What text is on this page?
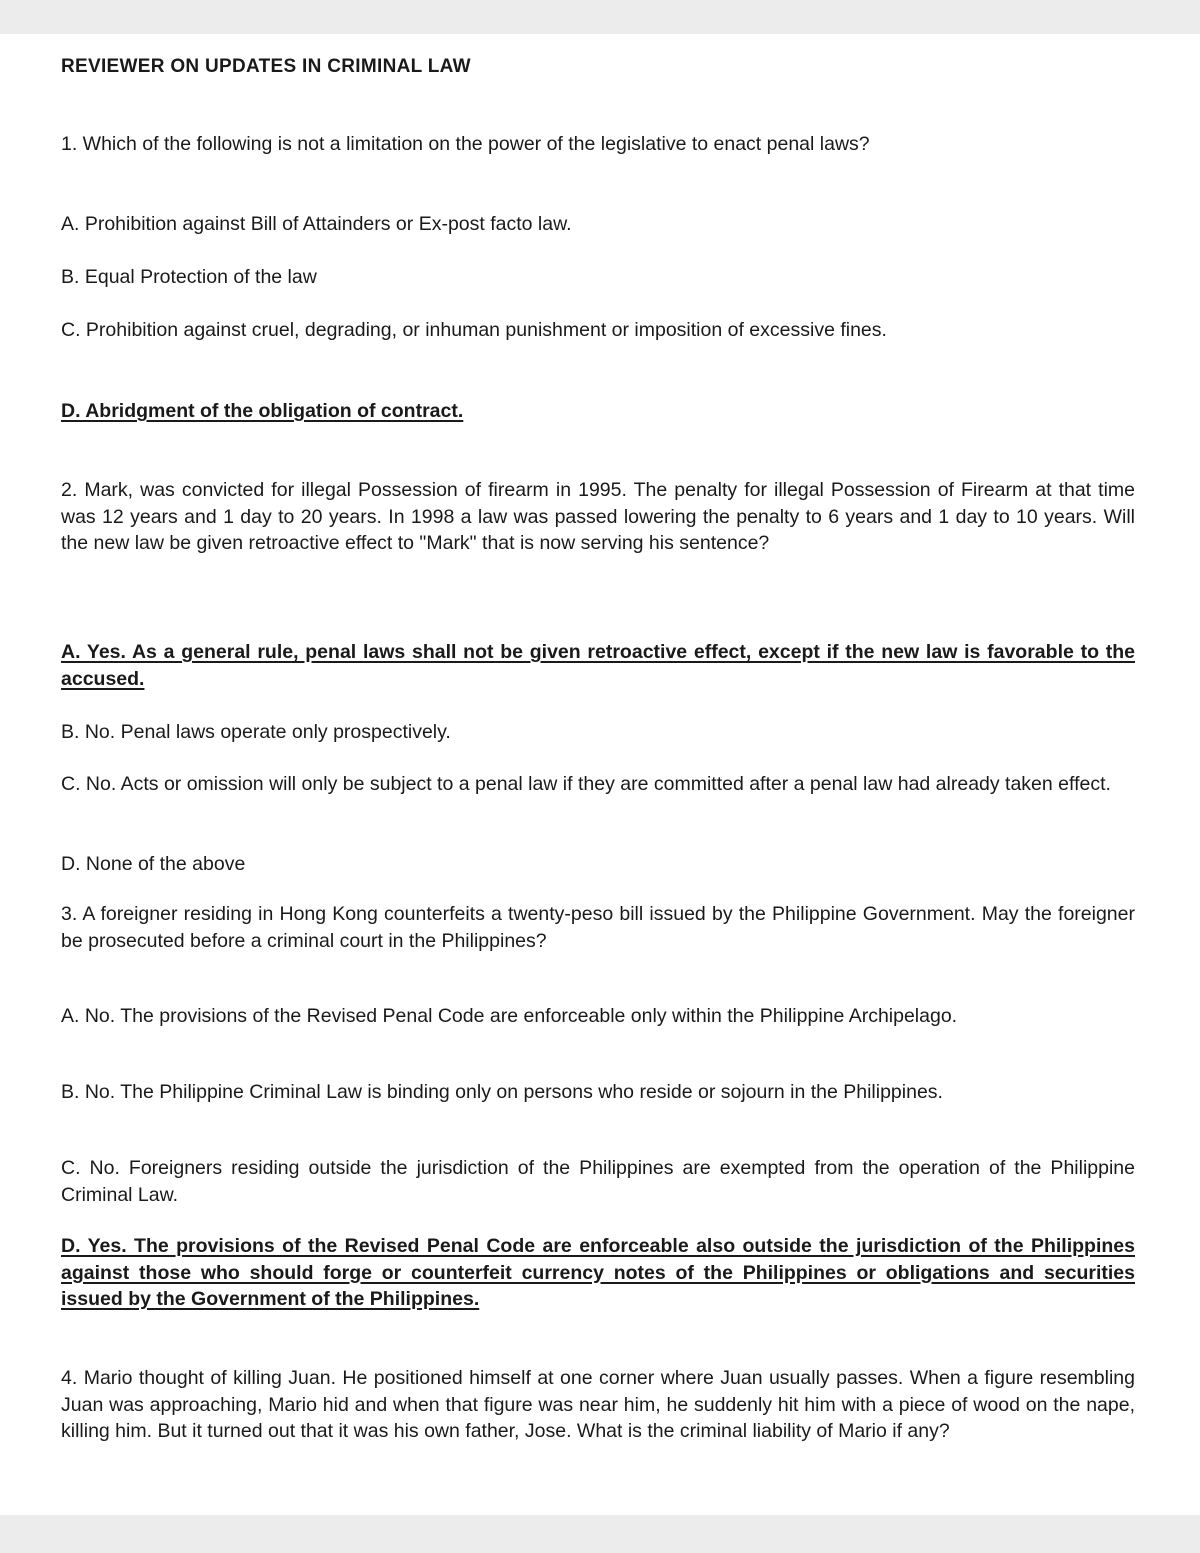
REVIEWER ON UPDATES IN CRIMINAL LAW

1. Which of the following is not a limitation on the power of the legislative to enact penal laws?

A. Prohibition against Bill of Attainders or Ex-post facto law.

B. Equal Protection of the law

C. Prohibition against cruel, degrading, or inhuman punishment or imposition of excessive fines.

D. Abridgment of the obligation of contract.

2. Mark, was convicted for illegal Possession of firearm in 1995. The penalty for illegal Possession of Firearm at that time was 12 years and 1 day to 20 years. In 1998 a law was passed lowering the penalty to 6 years and 1 day to 10 years. Will the new law be given retroactive effect to "Mark" that is now serving his sentence?

A. Yes. As a general rule, penal laws shall not be given retroactive effect, except if the new law is favorable to the accused.

B. No. Penal laws operate only prospectively.

C. No. Acts or omission will only be subject to a penal law if they are committed after a penal law had already taken effect.

D. None of the above

3. A foreigner residing in Hong Kong counterfeits a twenty-peso bill issued by the Philippine Government. May the foreigner be prosecuted before a criminal court in the Philippines?

A. No. The provisions of the Revised Penal Code are enforceable only within the Philippine Archipelago.

B. No. The Philippine Criminal Law is binding only on persons who reside or sojourn in the Philippines.

C. No. Foreigners residing outside the jurisdiction of the Philippines are exempted from the operation of the Philippine Criminal Law.

D. Yes. The provisions of the Revised Penal Code are enforceable also outside the jurisdiction of the Philippines against those who should forge or counterfeit currency notes of the Philippines or obligations and securities issued by the Government of the Philippines.

4. Mario thought of killing Juan. He positioned himself at one corner where Juan usually passes. When a figure resembling Juan was approaching, Mario hid and when that figure was near him, he suddenly hit him with a piece of wood on the nape, killing him. But it turned out that it was his own father, Jose. What is the criminal liability of Mario if any?
